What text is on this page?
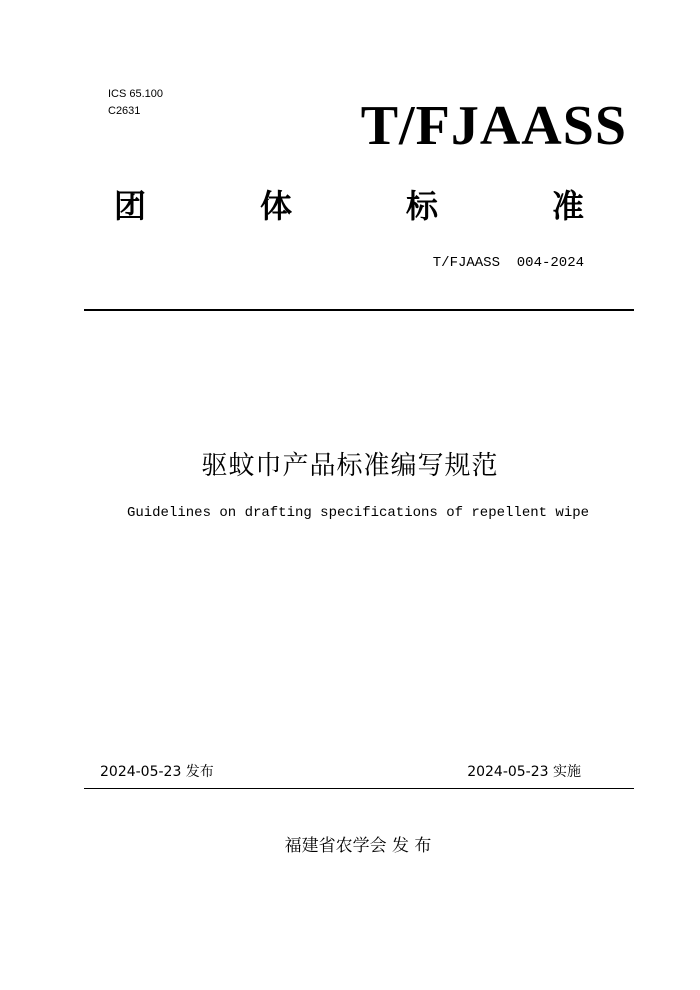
ICS 65.100
C2631	T/FJAASS
团	体	标	准
T/FJAASS  004-2024
驱蚊巾产品标准编写规范
Guidelines on drafting specifications of repellent wipe
2024-05-23 发布	2024-05-23 实施
福建省农学会 发 布
